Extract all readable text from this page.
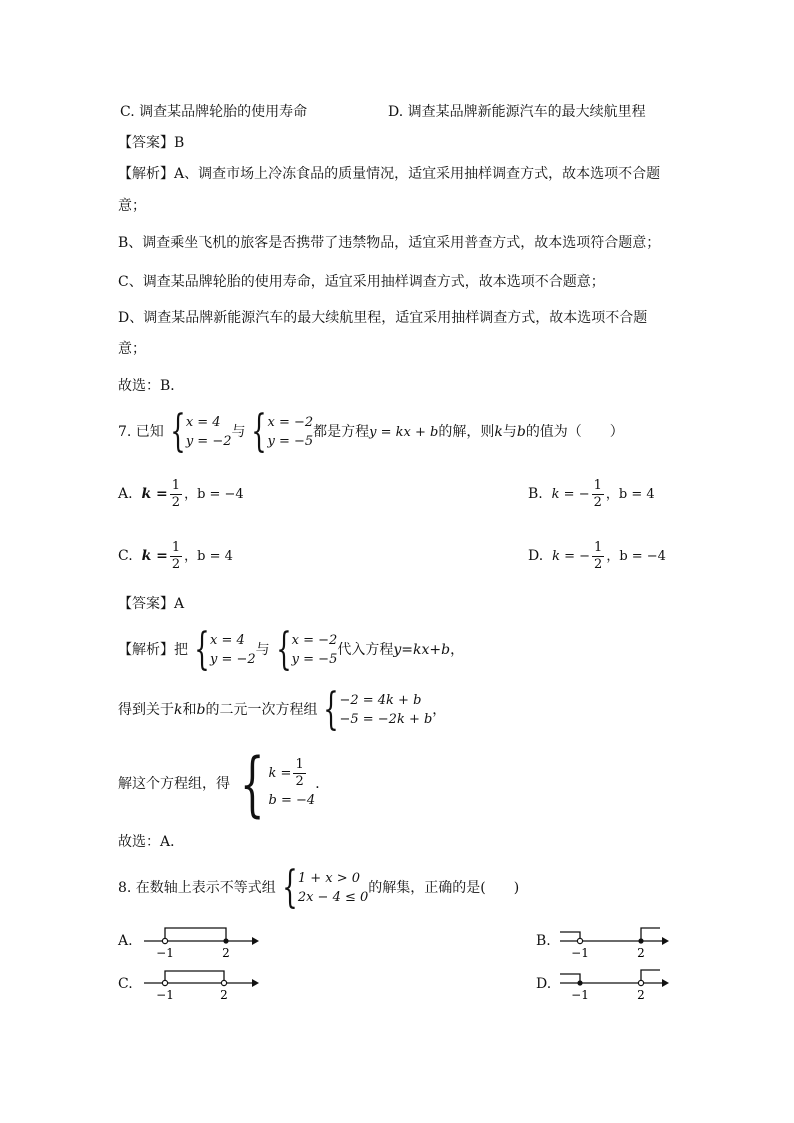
C. 调查某品牌轮胎的使用寿命	D. 调查某品牌新能源汽车的最大续航里程
【答案】B
【解析】A、调查市场上冷冻食品的质量情况，适宜采用抽样调查方式，故本选项不合题
意；
B、调查乘坐飞机的旅客是否携带了违禁物品，适宜采用普查方式，故本选项符合题意；
C、调查某品牌轮胎的使用寿命，适宜采用抽样调查方式，故本选项不合题意；
D、调查某品牌新能源汽车的最大续航里程，适宜采用抽样调查方式，故本选项不合题
意；
故选：B．
7. 已知 { x = 4
y = −2
与 { x = −2
y = −5
都是方程y = kx + b的解，则k与b的值为（　　）
A. $k = \frac{1}{2}$ ，b = −4	B. k = − $\frac{1}{2}$ ，b = 4
C. $k = \frac{1}{2}$ ，b = 4	D. k = − $\frac{1}{2}$ ，b = −4
【答案】A
【解析】把 { x = 4
y = −2
与 { x = −2
y = −5
代入方程y=kx+b，
得到关于k和b的二元一次方程组 { −2 = 4k + b
−5 = −2k + b
，
解这个方程组，得 { $k = \frac{1}{2}$
b = −4
．
故选：A．
8. 在数轴上表示不等式组 { 1 + x > 0
2x − 4 ≤ 0
的解集，正确的是(　　)
A.
−1	2
B.
−1	2
C.
−1	2
D.
−1	2
